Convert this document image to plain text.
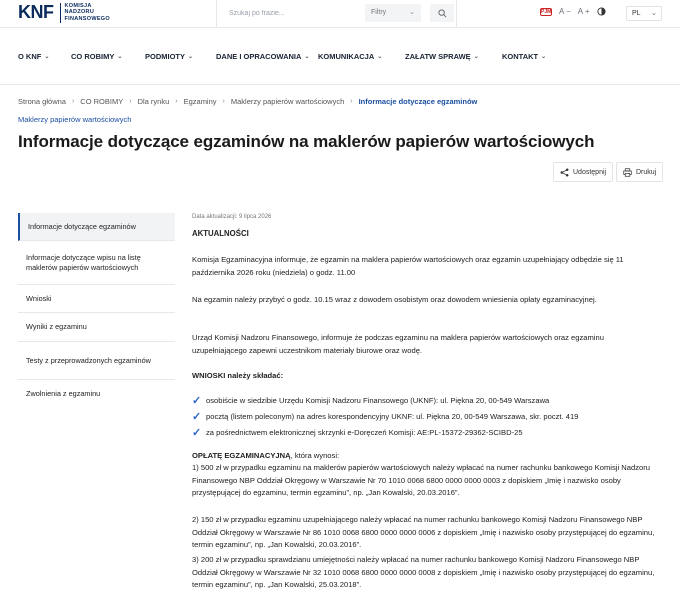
KNF KOMISJA
NADZORU
FINANSOWEGO
Szukaj po frazie...
Filtry	⌄	PJM A − A +	PL ⌄
O KNF ⌄	CO ROBIMY ⌄	PODMIOTY ⌄	DANE I OPRACOWANIA ⌄ KOMUNIKACJA ⌄	ZAŁATW SPRAWĘ ⌄	KONTAKT ⌄
Strona główna › CO ROBIMY › Dla rynku › Egzaminy › Maklerzy papierów wartościowych › Informacje dotyczące egzaminów
Maklerzy papierów wartościowych
Informacje dotyczące egzaminów na maklerów papierów wartościowych
Udostępnij	Drukuj
Informacje dotyczące egzaminów
Informacje dotyczące wpisu na listę maklerów papierów wartościowych
Wnioski
Wyniki z egzaminu
Testy z przeprowadzonych egzaminów
Zwolnienia z egzaminu
Data aktualizacji: 9 lipca 2026
AKTUALNOŚCI

Komisja Egzaminacyjna informuje, że egzamin na maklera papierów wartościowych oraz egzamin uzupełniający odbędzie się 11 października 2026 roku (niedziela) o godz. 11.00

Na egzamin należy przybyć o godz. 10.15 wraz z dowodem osobistym oraz dowodem wniesienia opłaty egzaminacyjnej.

Urząd Komisji Nadzoru Finansowego, informuje że podczas egzaminu na maklera papierów wartościowych oraz egzaminu uzupełniającego zapewni uczestnikom materiały biurowe oraz wodę.

WNIOSKI należy składać:
✓ osobiście w siedzibie Urzędu Komisji Nadzoru Finansowego (UKNF): ul. Piękna 20, 00-549 Warszawa
✓ pocztą (listem poleconym) na adres korespondencyjny UKNF: ul. Piękna 20, 00-549 Warszawa, skr. poczt. 419
✓ za pośrednictwem elektronicznej skrzynki e-Doręczeń Komisji: AE:PL-15372-29362-SCIBD-25
OPŁATĘ EGZAMINACYJNĄ, która wynosi:

1) 500 zł w przypadku egzaminu na maklerów papierów wartościowych należy wpłacać na numer rachunku bankowego Komisji Nadzoru Finansowego NBP Oddział Okręgowy w Warszawie Nr 70 1010 0068 6800 0000 0000 0003 z dopiskiem „Imię i nazwisko osoby przystępującej do egzaminu, termin egzaminu”, np. „Jan Kowalski, 20.03.2016”.

2) 150 zł w przypadku egzaminu uzupełniającego należy wpłacać na numer rachunku bankowego Komisji Nadzoru Finansowego NBP Oddział Okręgowy w Warszawie Nr 86 1010 0068 6800 0000 0000 0006 z dopiskiem „Imię i nazwisko osoby przystępującej do egzaminu, termin egzaminu”, np. „Jan Kowalski, 20.03.2016”.

3) 200 zł w przypadku sprawdzianu umiejętności należy wpłacać na numer rachunku bankowego Komisji Nadzoru Finansowego NBP Oddział Okręgowy w Warszawie Nr 32 1010 0068 6800 0000 0000 0008 z dopiskiem „Imię i nazwisko osoby przystępującej do egzaminu, termin egzaminu”, np. „Jan Kowalski, 25.03.2018”.
